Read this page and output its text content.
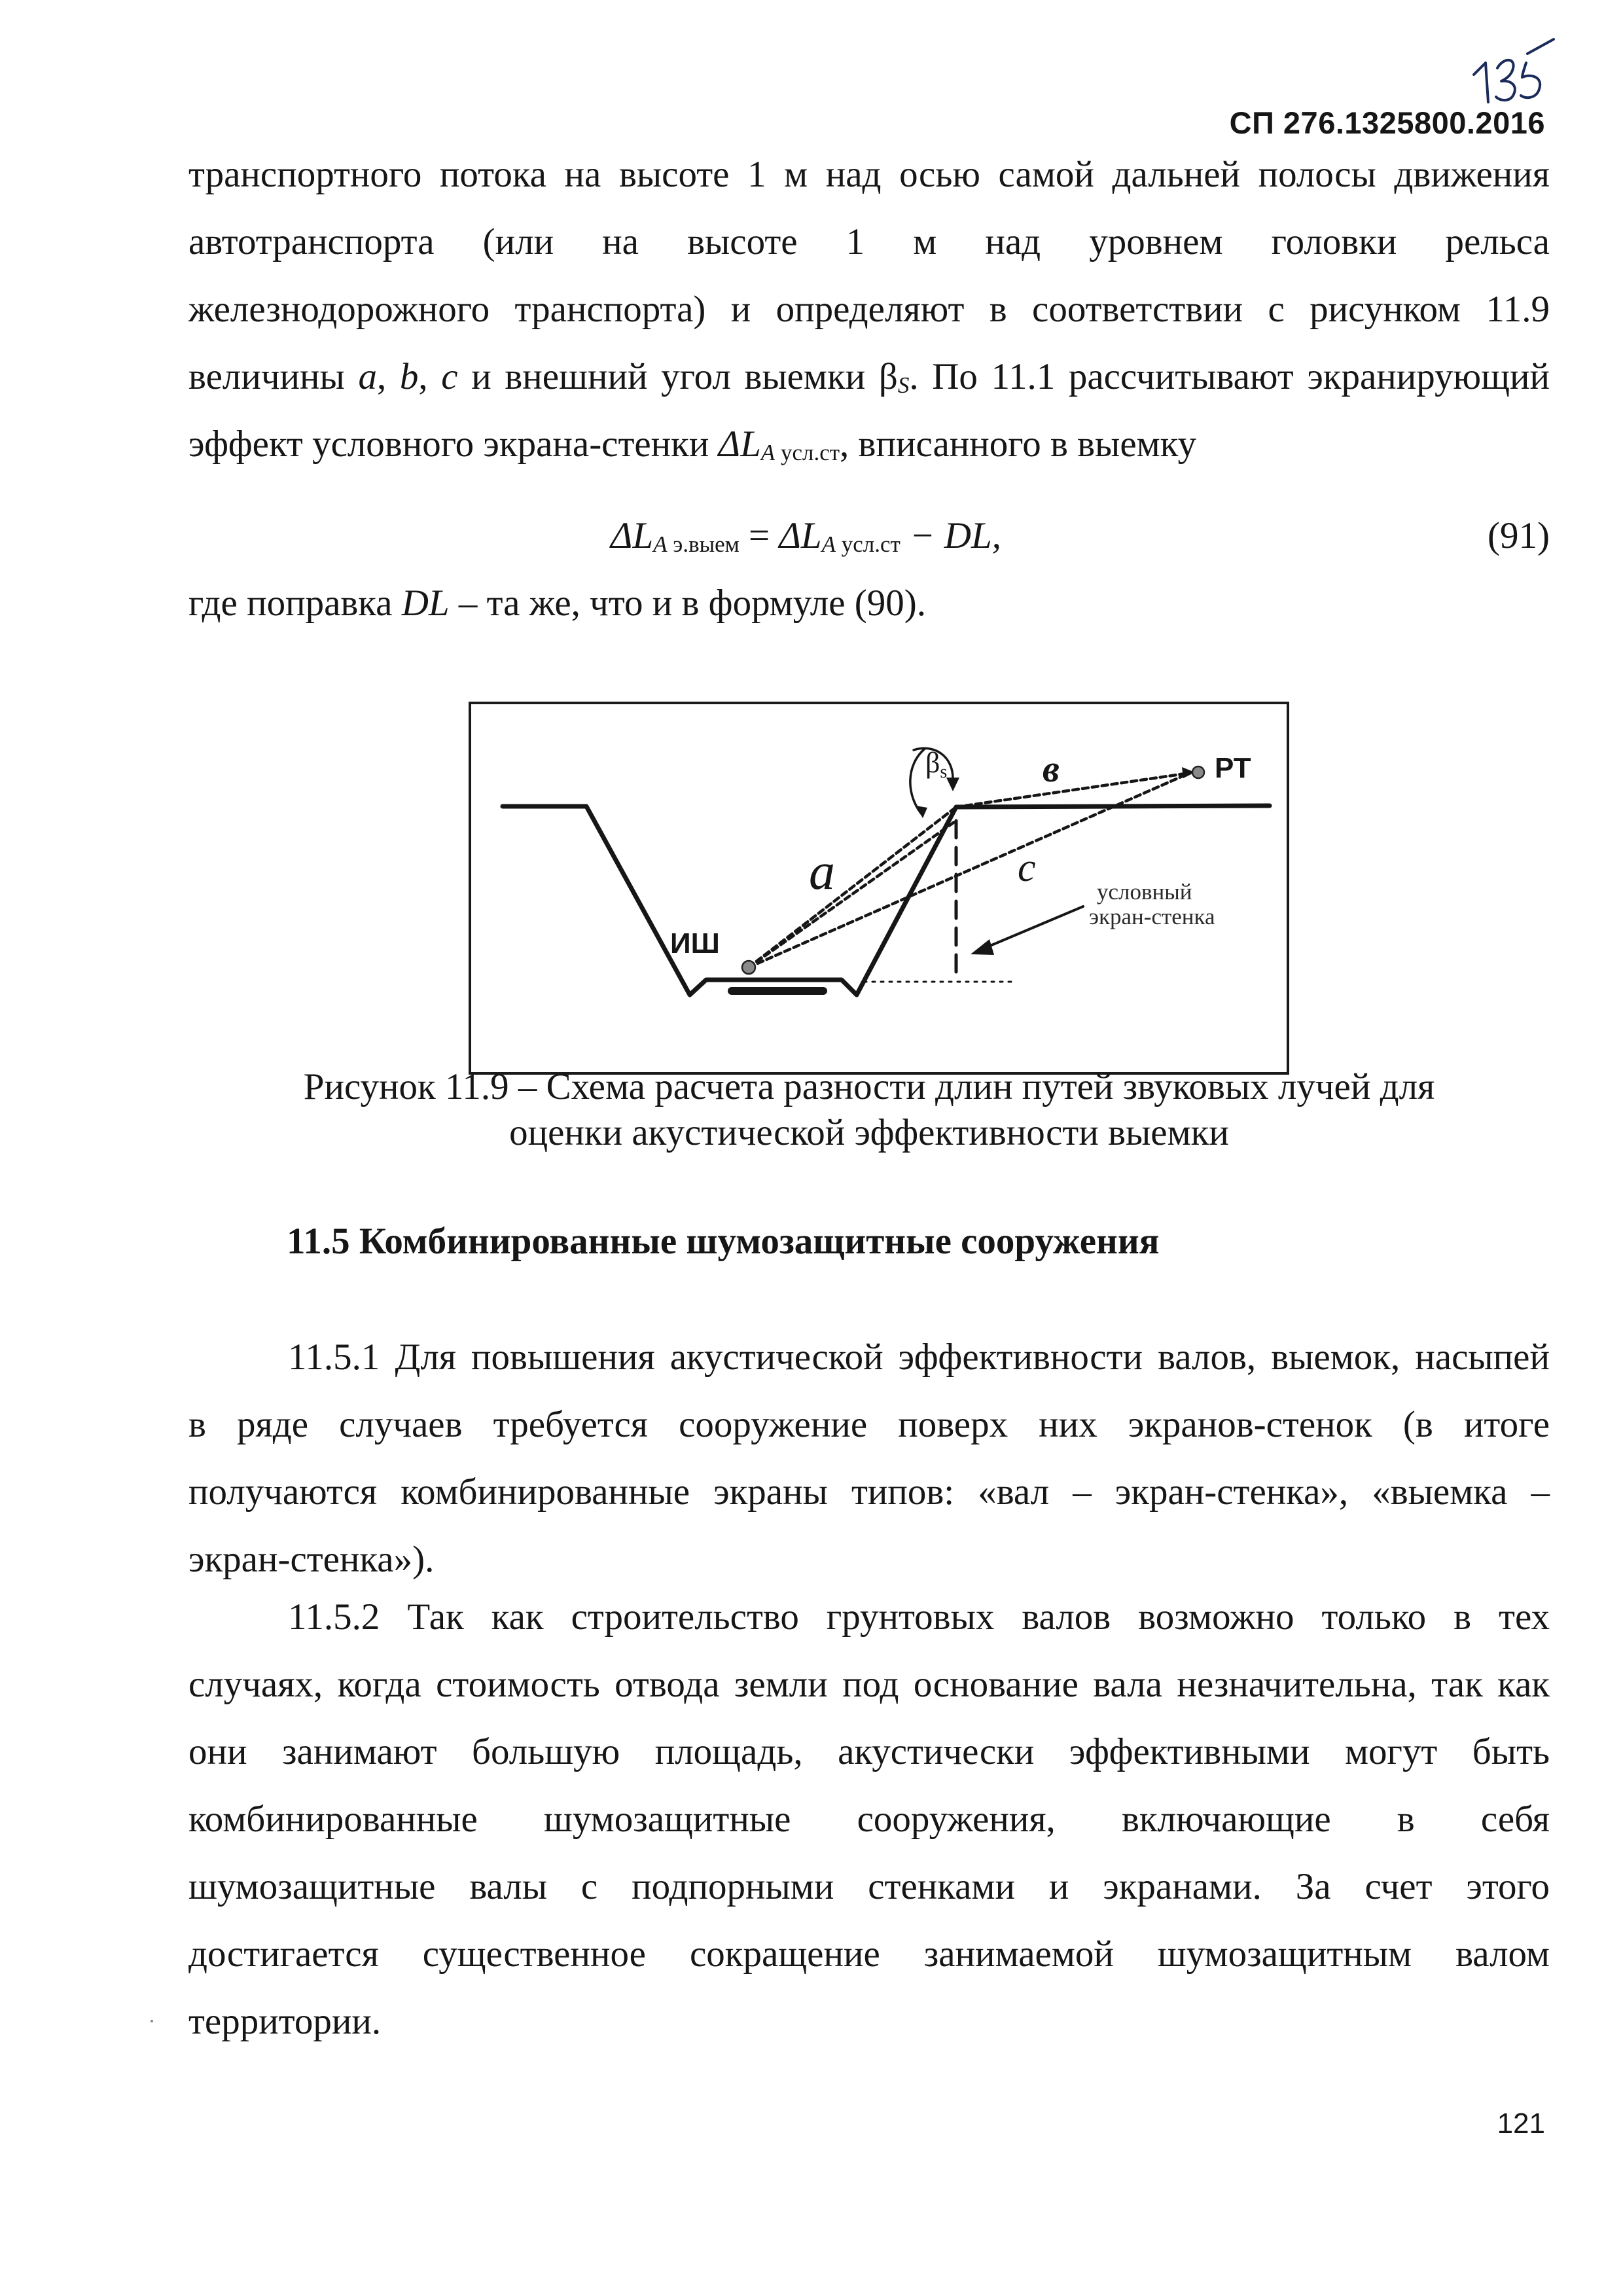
СП 276.1325800.2016
транспортного потока на высоте 1 м над осью самой дальней полосы движения
автотранспорта (или на высоте 1 м над уровнем головки рельса
железнодорожного транспорта) и определяют в соответствии с рисунком 11.9
величины a, b, c и внешний угол выемки βS. По 11.1 рассчитывают экранирующий
эффект условного экрана-стенки ΔLA усл.ст, вписанного в выемку
ΔLA э.выем = ΔLA усл.ст − DL,	(91)
где поправка DL – та же, что и в формуле (90).
βs	в	РТ
a	c
ИШ
условный
экран-стенка
Рисунок 11.9 – Схема расчета разности длин путей звуковых лучей для
оценки акустической эффективности выемки
11.5 Комбинированные шумозащитные сооружения
11.5.1 Для повышения акустической эффективности валов, выемок, насыпей
в ряде случаев требуется сооружение поверх них экранов-стенок (в итоге
получаются комбинированные экраны типов: «вал – экран-стенка», «выемка –
экран-стенка»).
11.5.2 Так как строительство грунтовых валов возможно только в тех
случаях, когда стоимость отвода земли под основание вала незначительна, так как
они занимают большую площадь, акустически эффективными могут быть
комбинированные шумозащитные сооружения, включающие в себя
шумозащитные валы с подпорными стенками и экранами. За счет этого
достигается существенное сокращение занимаемой шумозащитным валом
территории.
121
